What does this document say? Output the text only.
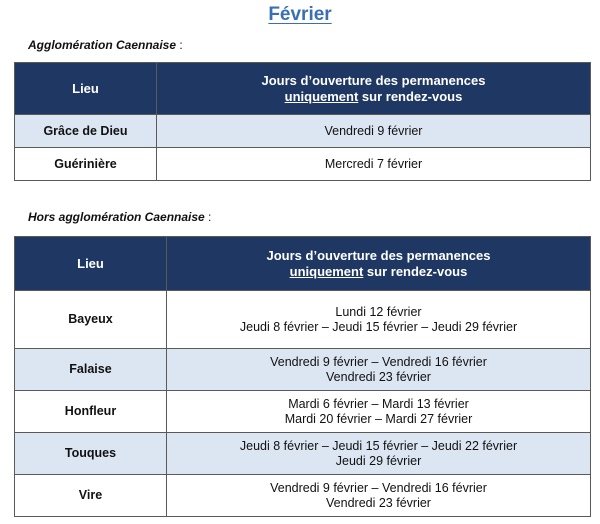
Février
Agglomération Caennaise :
Lieu	Jours d’ouverture des permanences
uniquement sur rendez-vous

Grâce de Dieu	Vendredi 9 février

Guérinière	Mercredi 7 février
Hors agglomération Caennaise :
Lieu	Jours d’ouverture des permanences
uniquement sur rendez-vous

Bayeux	Lundi 12 février
Jeudi 8 février – Jeudi 15 février – Jeudi 29 février

Falaise	Vendredi 9 février – Vendredi 16 février
Vendredi 23 février

Honfleur	Mardi 6 février – Mardi 13 février
Mardi 20 février – Mardi 27 février

Touques	Jeudi 8 février – Jeudi 15 février – Jeudi 22 février
Jeudi 29 février

Vire	Vendredi 9 février – Vendredi 16 février
Vendredi 23 février
